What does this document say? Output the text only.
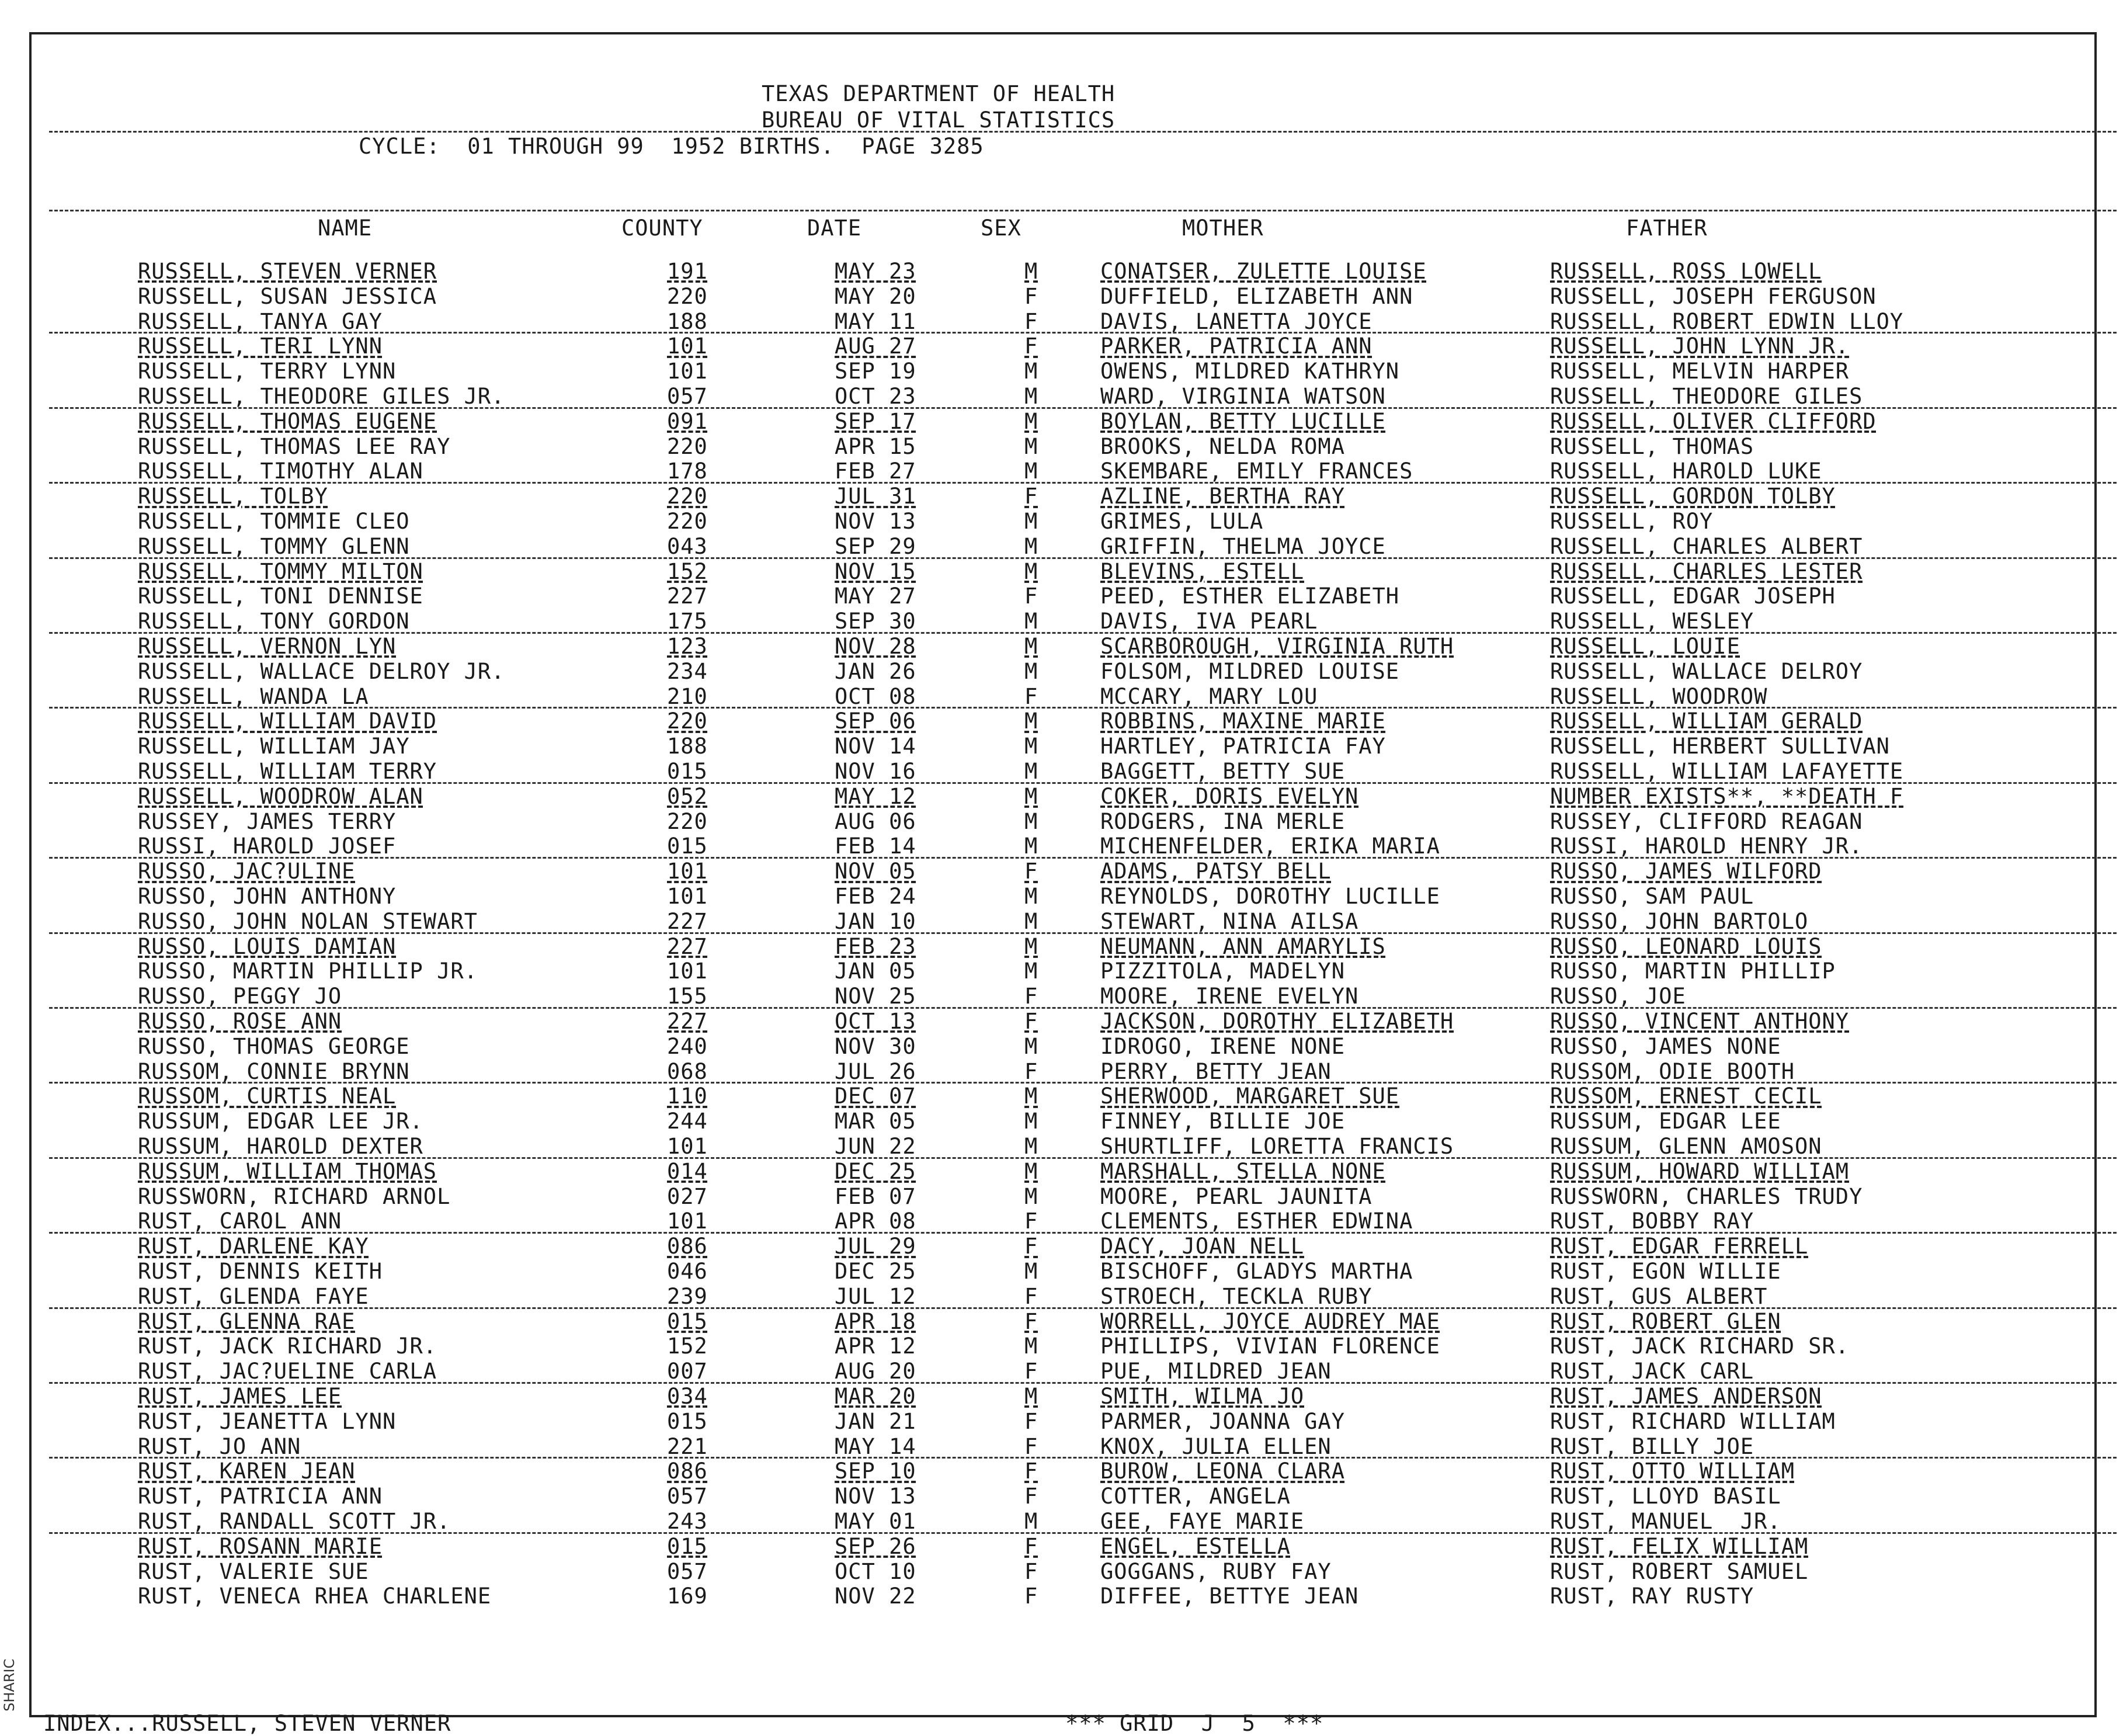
SHARIC
TEXAS DEPARTMENT OF HEALTH
BUREAU OF VITAL STATISTICS
CYCLE:  01 THROUGH 99  1952 BIRTHS.  PAGE 3285
NAME	COUNTY	DATE	SEX	MOTHER	FATHER
RUSSELL, STEVEN VERNER	191	MAY 23	M	CONATSER, ZULETTE LOUISE	RUSSELL, ROSS LOWELL
RUSSELL, SUSAN JESSICA	220	MAY 20	F	DUFFIELD, ELIZABETH ANN	RUSSELL, JOSEPH FERGUSON
RUSSELL, TANYA GAY	188	MAY 11	F	DAVIS, LANETTA JOYCE	RUSSELL, ROBERT EDWIN LLOY
RUSSELL, TERI LYNN	101	AUG 27	F	PARKER, PATRICIA ANN	RUSSELL, JOHN LYNN JR.
RUSSELL, TERRY LYNN	101	SEP 19	M	OWENS, MILDRED KATHRYN	RUSSELL, MELVIN HARPER
RUSSELL, THEODORE GILES JR.	057	OCT 23	M	WARD, VIRGINIA WATSON	RUSSELL, THEODORE GILES
RUSSELL, THOMAS EUGENE	091	SEP 17	M	BOYLAN, BETTY LUCILLE	RUSSELL, OLIVER CLIFFORD
RUSSELL, THOMAS LEE RAY	220	APR 15	M	BROOKS, NELDA ROMA	RUSSELL, THOMAS
RUSSELL, TIMOTHY ALAN	178	FEB 27	M	SKEMBARE, EMILY FRANCES	RUSSELL, HAROLD LUKE
RUSSELL, TOLBY	220	JUL 31	F	AZLINE, BERTHA RAY	RUSSELL, GORDON TOLBY
RUSSELL, TOMMIE CLEO	220	NOV 13	M	GRIMES, LULA	RUSSELL, ROY
RUSSELL, TOMMY GLENN	043	SEP 29	M	GRIFFIN, THELMA JOYCE	RUSSELL, CHARLES ALBERT
RUSSELL, TOMMY MILTON	152	NOV 15	M	BLEVINS, ESTELL	RUSSELL, CHARLES LESTER
RUSSELL, TONI DENNISE	227	MAY 27	F	PEED, ESTHER ELIZABETH	RUSSELL, EDGAR JOSEPH
RUSSELL, TONY GORDON	175	SEP 30	M	DAVIS, IVA PEARL	RUSSELL, WESLEY
RUSSELL, VERNON LYN	123	NOV 28	M	SCARBOROUGH, VIRGINIA RUTH	RUSSELL, LOUIE
RUSSELL, WALLACE DELROY JR.	234	JAN 26	M	FOLSOM, MILDRED LOUISE	RUSSELL, WALLACE DELROY
RUSSELL, WANDA LA	210	OCT 08	F	MCCARY, MARY LOU	RUSSELL, WOODROW
RUSSELL, WILLIAM DAVID	220	SEP 06	M	ROBBINS, MAXINE MARIE	RUSSELL, WILLIAM GERALD
RUSSELL, WILLIAM JAY	188	NOV 14	M	HARTLEY, PATRICIA FAY	RUSSELL, HERBERT SULLIVAN
RUSSELL, WILLIAM TERRY	015	NOV 16	M	BAGGETT, BETTY SUE	RUSSELL, WILLIAM LAFAYETTE
RUSSELL, WOODROW ALAN	052	MAY 12	M	COKER, DORIS EVELYN	NUMBER EXISTS**, **DEATH F
RUSSEY, JAMES TERRY	220	AUG 06	M	RODGERS, INA MERLE	RUSSEY, CLIFFORD REAGAN
RUSSI, HAROLD JOSEF	015	FEB 14	M	MICHENFELDER, ERIKA MARIA	RUSSI, HAROLD HENRY JR.
RUSSO, JAC?ULINE	101	NOV 05	F	ADAMS, PATSY BELL	RUSSO, JAMES WILFORD
RUSSO, JOHN ANTHONY	101	FEB 24	M	REYNOLDS, DOROTHY LUCILLE	RUSSO, SAM PAUL
RUSSO, JOHN NOLAN STEWART	227	JAN 10	M	STEWART, NINA AILSA	RUSSO, JOHN BARTOLO
RUSSO, LOUIS DAMIAN	227	FEB 23	M	NEUMANN, ANN AMARYLIS	RUSSO, LEONARD LOUIS
RUSSO, MARTIN PHILLIP JR.	101	JAN 05	M	PIZZITOLA, MADELYN	RUSSO, MARTIN PHILLIP
RUSSO, PEGGY JO	155	NOV 25	F	MOORE, IRENE EVELYN	RUSSO, JOE
RUSSO, ROSE ANN	227	OCT 13	F	JACKSON, DOROTHY ELIZABETH	RUSSO, VINCENT ANTHONY
RUSSO, THOMAS GEORGE	240	NOV 30	M	IDROGO, IRENE NONE	RUSSO, JAMES NONE
RUSSOM, CONNIE BRYNN	068	JUL 26	F	PERRY, BETTY JEAN	RUSSOM, ODIE BOOTH
RUSSOM, CURTIS NEAL	110	DEC 07	M	SHERWOOD, MARGARET SUE	RUSSOM, ERNEST CECIL
RUSSUM, EDGAR LEE JR.	244	MAR 05	M	FINNEY, BILLIE JOE	RUSSUM, EDGAR LEE
RUSSUM, HAROLD DEXTER	101	JUN 22	M	SHURTLIFF, LORETTA FRANCIS	RUSSUM, GLENN AMOSON
RUSSUM, WILLIAM THOMAS	014	DEC 25	M	MARSHALL, STELLA NONE	RUSSUM, HOWARD WILLIAM
RUSSWORN, RICHARD ARNOL	027	FEB 07	M	MOORE, PEARL JAUNITA	RUSSWORN, CHARLES TRUDY
RUST, CAROL ANN	101	APR 08	F	CLEMENTS, ESTHER EDWINA	RUST, BOBBY RAY
RUST, DARLENE KAY	086	JUL 29	F	DACY, JOAN NELL	RUST, EDGAR FERRELL
RUST, DENNIS KEITH	046	DEC 25	M	BISCHOFF, GLADYS MARTHA	RUST, EGON WILLIE
RUST, GLENDA FAYE	239	JUL 12	F	STROECH, TECKLA RUBY	RUST, GUS ALBERT
RUST, GLENNA RAE	015	APR 18	F	WORRELL, JOYCE AUDREY MAE	RUST, ROBERT GLEN
RUST, JACK RICHARD JR.	152	APR 12	M	PHILLIPS, VIVIAN FLORENCE	RUST, JACK RICHARD SR.
RUST, JAC?UELINE CARLA	007	AUG 20	F	PUE, MILDRED JEAN	RUST, JACK CARL
RUST, JAMES LEE	034	MAR 20	M	SMITH, WILMA JO	RUST, JAMES ANDERSON
RUST, JEANETTA LYNN	015	JAN 21	F	PARMER, JOANNA GAY	RUST, RICHARD WILLIAM
RUST, JO ANN	221	MAY 14	F	KNOX, JULIA ELLEN	RUST, BILLY JOE
RUST, KAREN JEAN	086	SEP 10	F	BUROW, LEONA CLARA	RUST, OTTO WILLIAM
RUST, PATRICIA ANN	057	NOV 13	F	COTTER, ANGELA	RUST, LLOYD BASIL
RUST, RANDALL SCOTT JR.	243	MAY 01	M	GEE, FAYE MARIE	RUST, MANUEL  JR.
RUST, ROSANN MARIE	015	SEP 26	F	ENGEL, ESTELLA	RUST, FELIX WILLIAM
RUST, VALERIE SUE	057	OCT 10	F	GOGGANS, RUBY FAY	RUST, ROBERT SAMUEL
RUST, VENECA RHEA CHARLENE	169	NOV 22	F	DIFFEE, BETTYE JEAN	RUST, RAY RUSTY
INDEX...RUSSELL, STEVEN VERNER	*** GRID  J  5  ***
